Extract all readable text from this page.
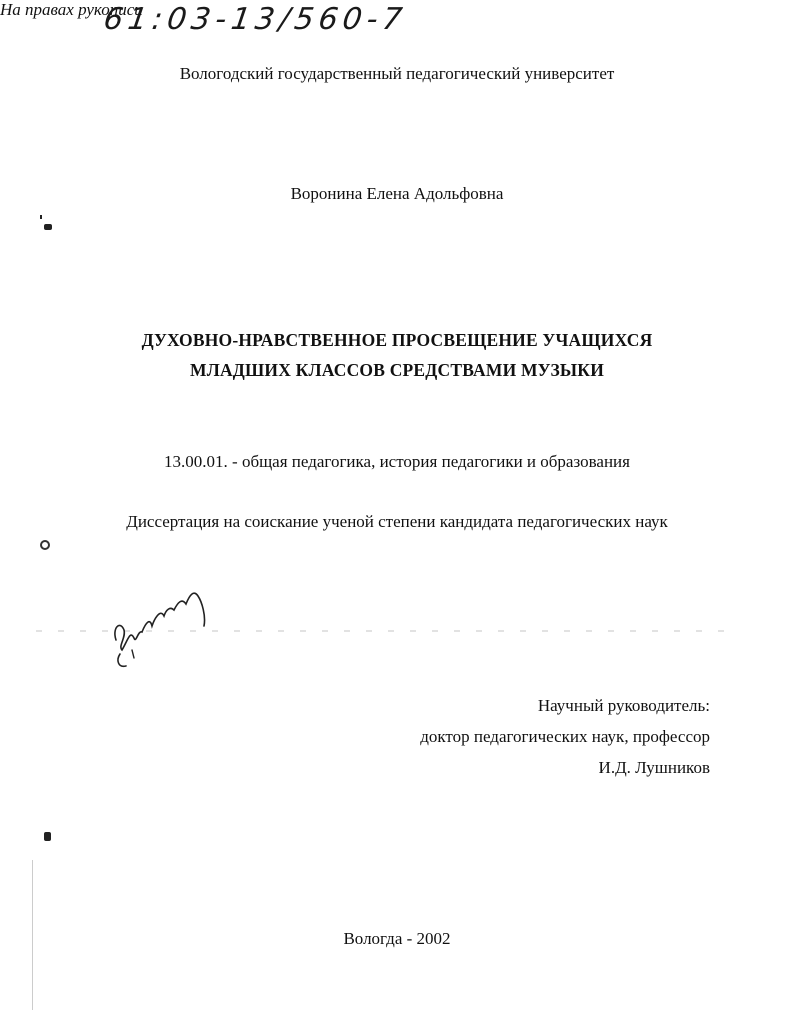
61:03-13/560-7
Вологодский государственный педагогический университет
На правах рукописи
Воронина Елена Адольфовна
ДУХОВНО-НРАВСТВЕННОЕ ПРОСВЕЩЕНИЕ УЧАЩИХСЯ
МЛАДШИХ КЛАССОВ СРЕДСТВАМИ МУЗЫКИ
13.00.01. - общая педагогика, история педагогики и образования
Диссертация на соискание ученой степени кандидата педагогических наук
Научный руководитель:
доктор педагогических наук, профессор
И.Д. Лушников
Вологда - 2002
